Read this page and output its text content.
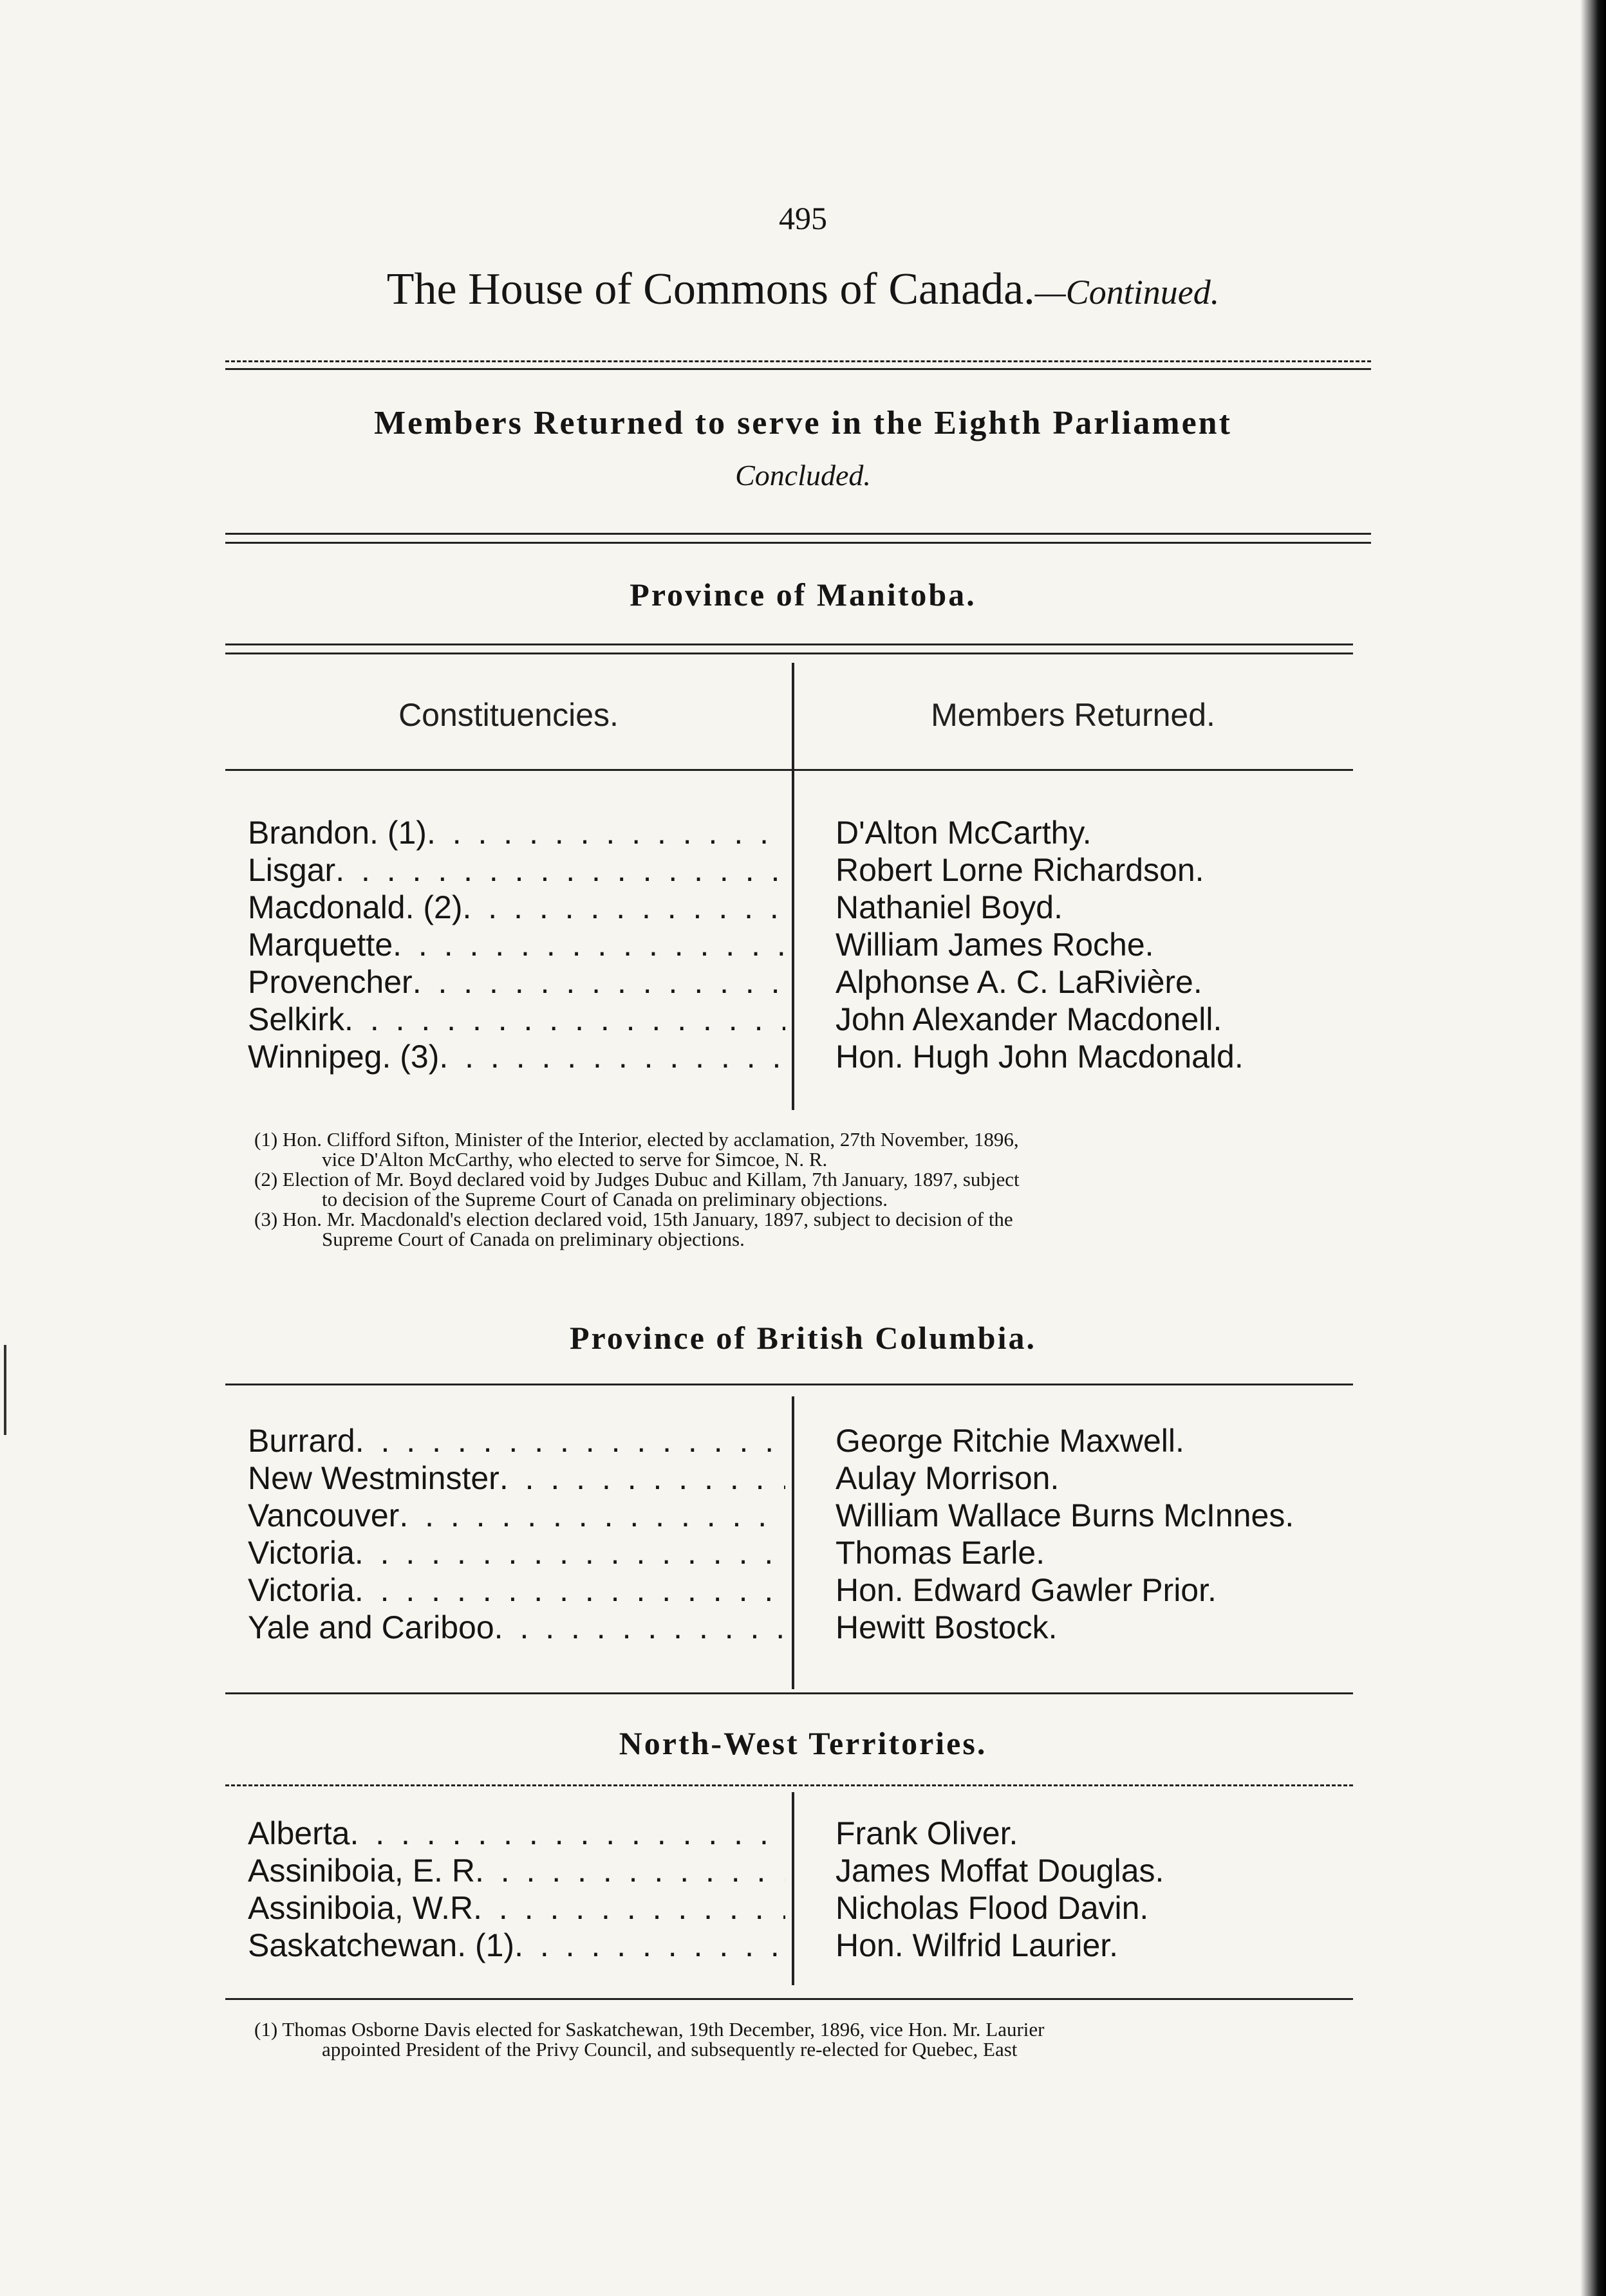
495
The House of Commons of Canada.—Continued.
Members Returned to serve in the Eighth Parliament
Concluded.
Province of Manitoba.
Constituencies.	Members Returned.
Brandon. (1)
. . .
Lisgar
. . .
Macdonald. (2)
. . .
Marquette
. . .
Provencher
. . .
Selkirk
. . .
Winnipeg. (3)
. . .
D'Alton McCarthy.
Robert Lorne Richardson.
Nathaniel Boyd.
William James Roche.
Alphonse A. C. LaRivière.
John Alexander Macdonell.
Hon. Hugh John Macdonald.
(1) Hon. Clifford Sifton, Minister of the Interior, elected by acclamation, 27th November, 1896,
vice D'Alton McCarthy, who elected to serve for Simcoe, N. R.
(2) Election of Mr. Boyd declared void by Judges Dubuc and Killam, 7th January, 1897, subject
to decision of the Supreme Court of Canada on preliminary objections.
(3) Hon. Mr. Macdonald's election declared void, 15th January, 1897, subject to decision of the
Supreme Court of Canada on preliminary objections.
Province of British Columbia.
Burrard
. . .
New Westminster
. . .
Vancouver
. . .
Victoria
. . .
Victoria
. . .
Yale and Cariboo
. . .
George Ritchie Maxwell.
Aulay Morrison.
William Wallace Burns McInnes.
Thomas Earle.
Hon. Edward Gawler Prior.
Hewitt Bostock.
North-West Territories.
Alberta
. . .
Assiniboia, E. R
. . .
Assiniboia, W.R
. . .
Saskatchewan. (1)
. . .
Frank Oliver.
James Moffat Douglas.
Nicholas Flood Davin.
Hon. Wilfrid Laurier.
(1) Thomas Osborne Davis elected for Saskatchewan, 19th December, 1896, vice Hon. Mr. Laurier
appointed President of the Privy Council, and subsequently re-elected for Quebec, East
